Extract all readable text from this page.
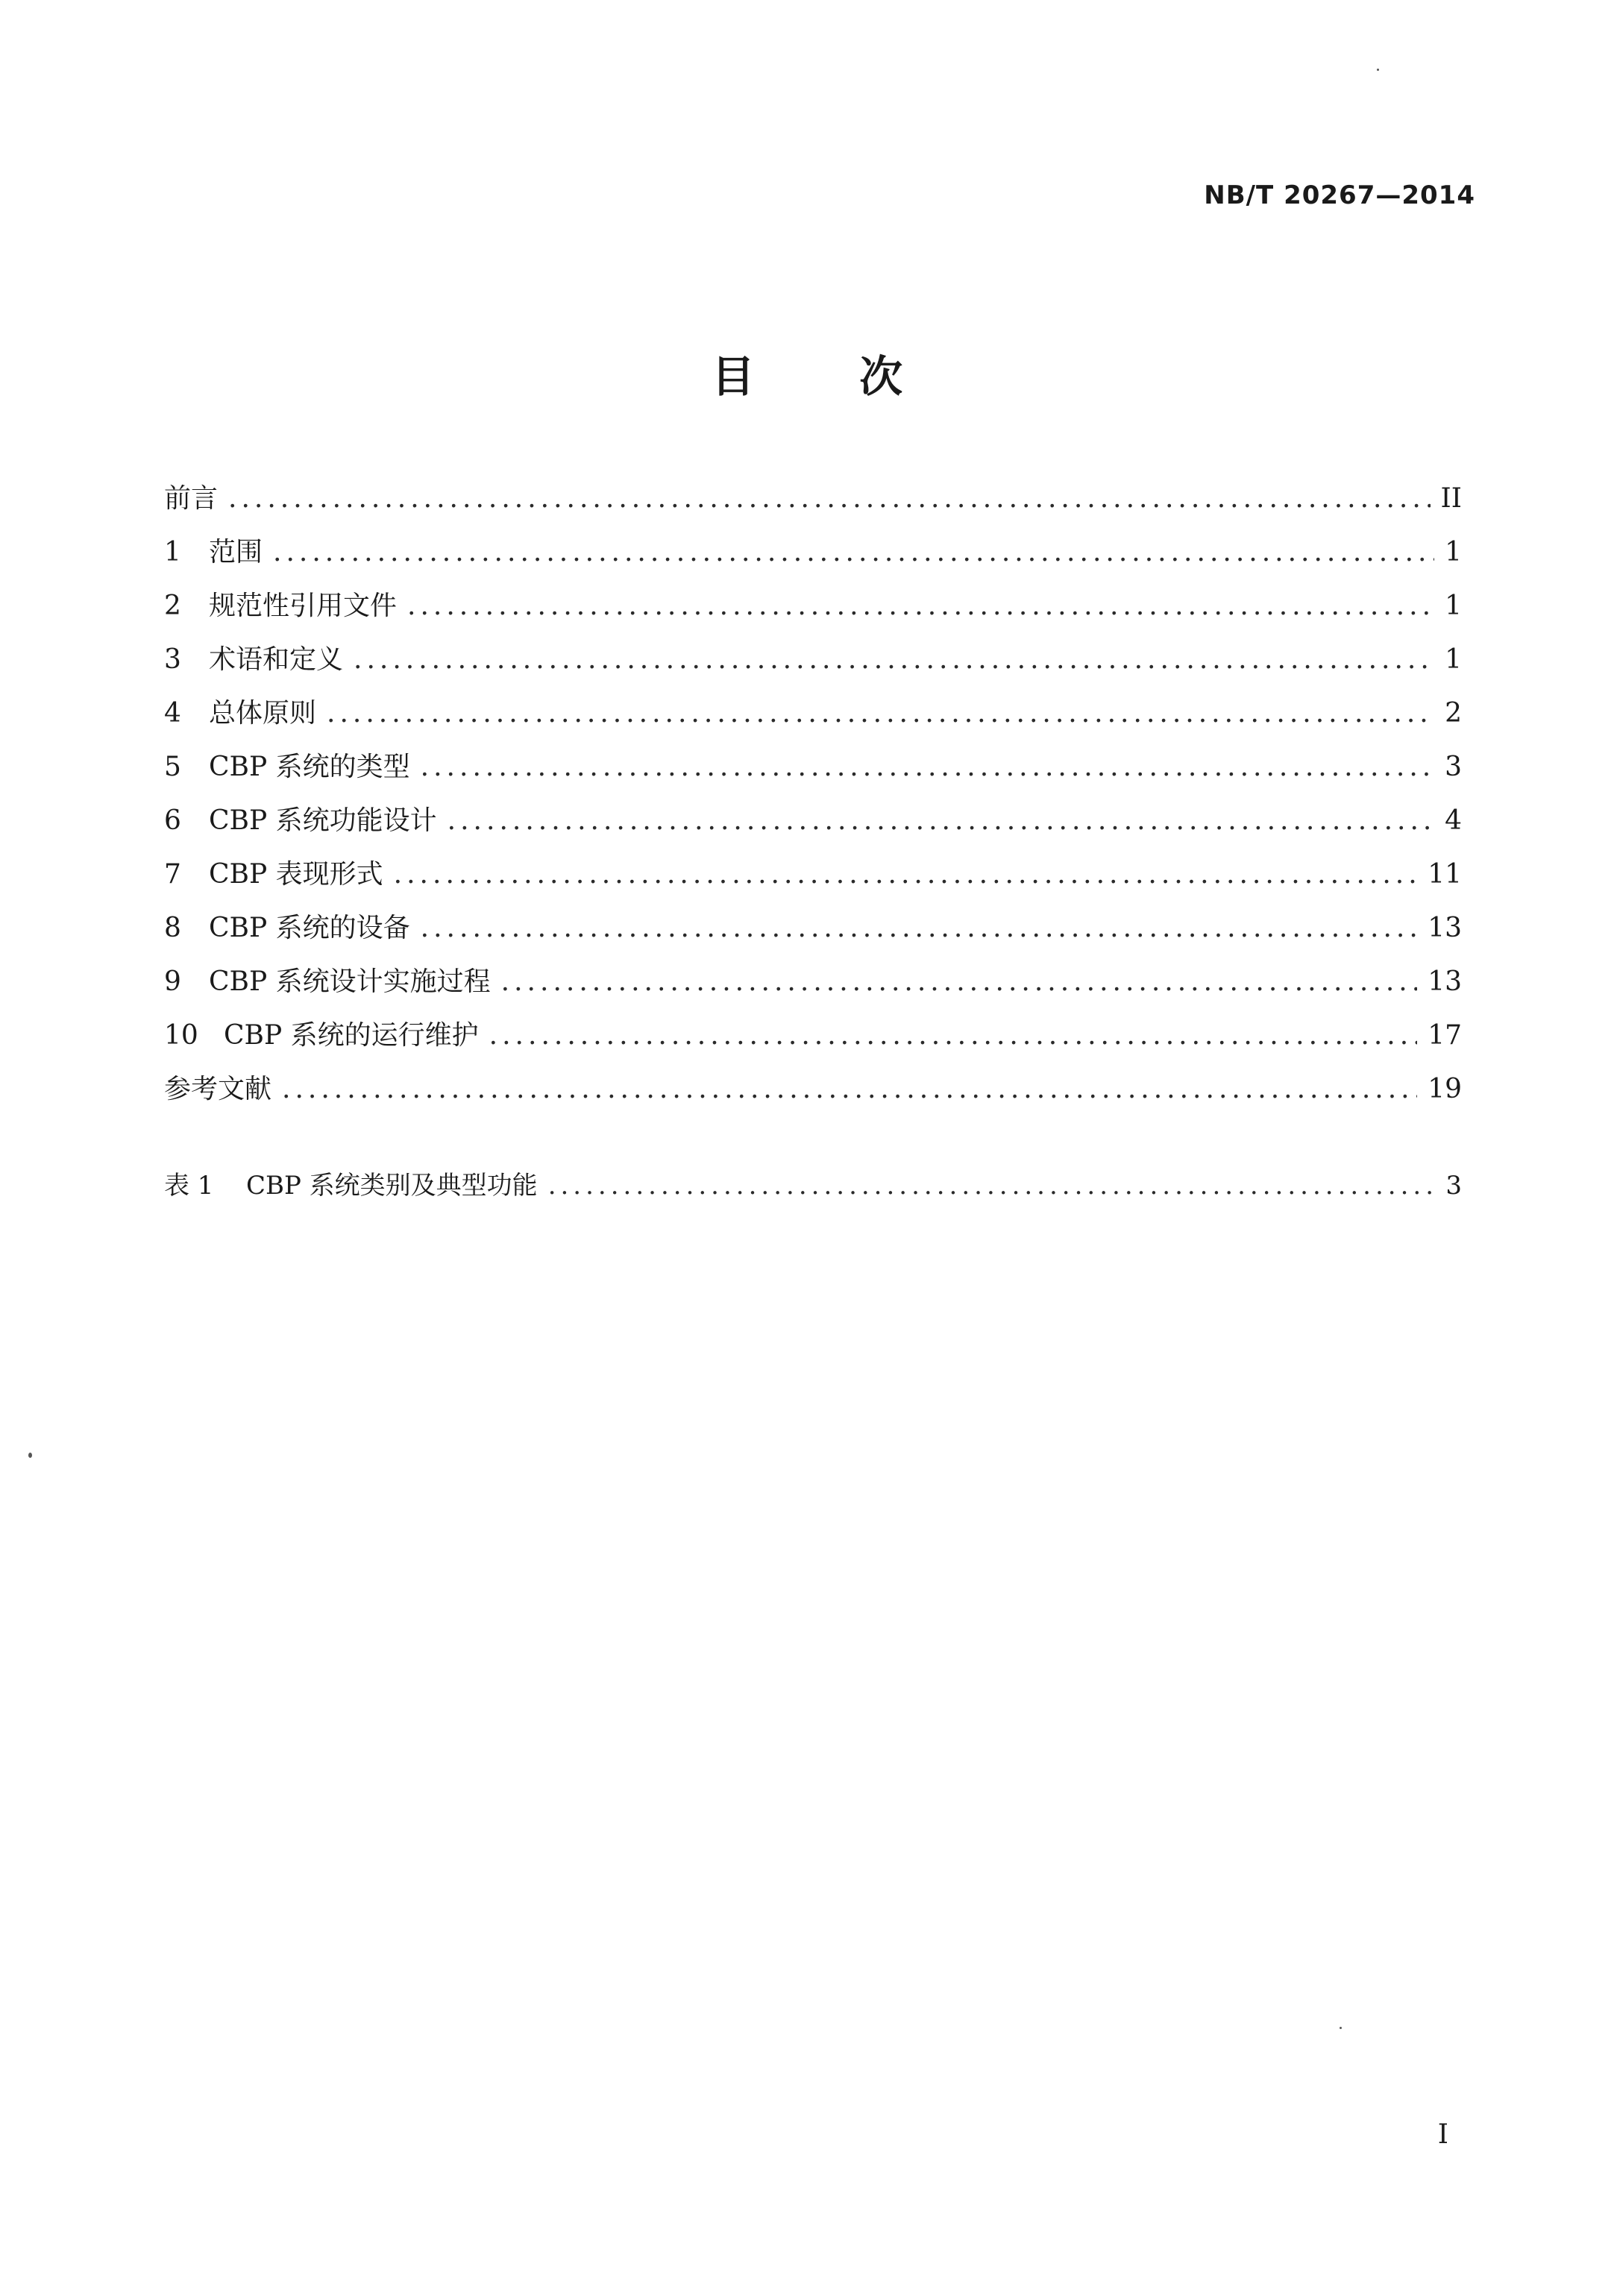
NB/T 20267—2014
目 次
前言 .....	II
1	范围 .....	1
2	规范性引用文件 .....	1
3	术语和定义 .....	1
4	总体原则 .....	2
5	CBP 系统的类型 .....	3
6	CBP 系统功能设计 .....	4
7	CBP 表现形式 .....	11
8	CBP 系统的设备 .....	13
9	CBP 系统设计实施过程 .....	13
10 CBP 系统的运行维护 .....	17
参考文献 .....	19
表 1	CBP 系统类别及典型功能 .....	3
I
